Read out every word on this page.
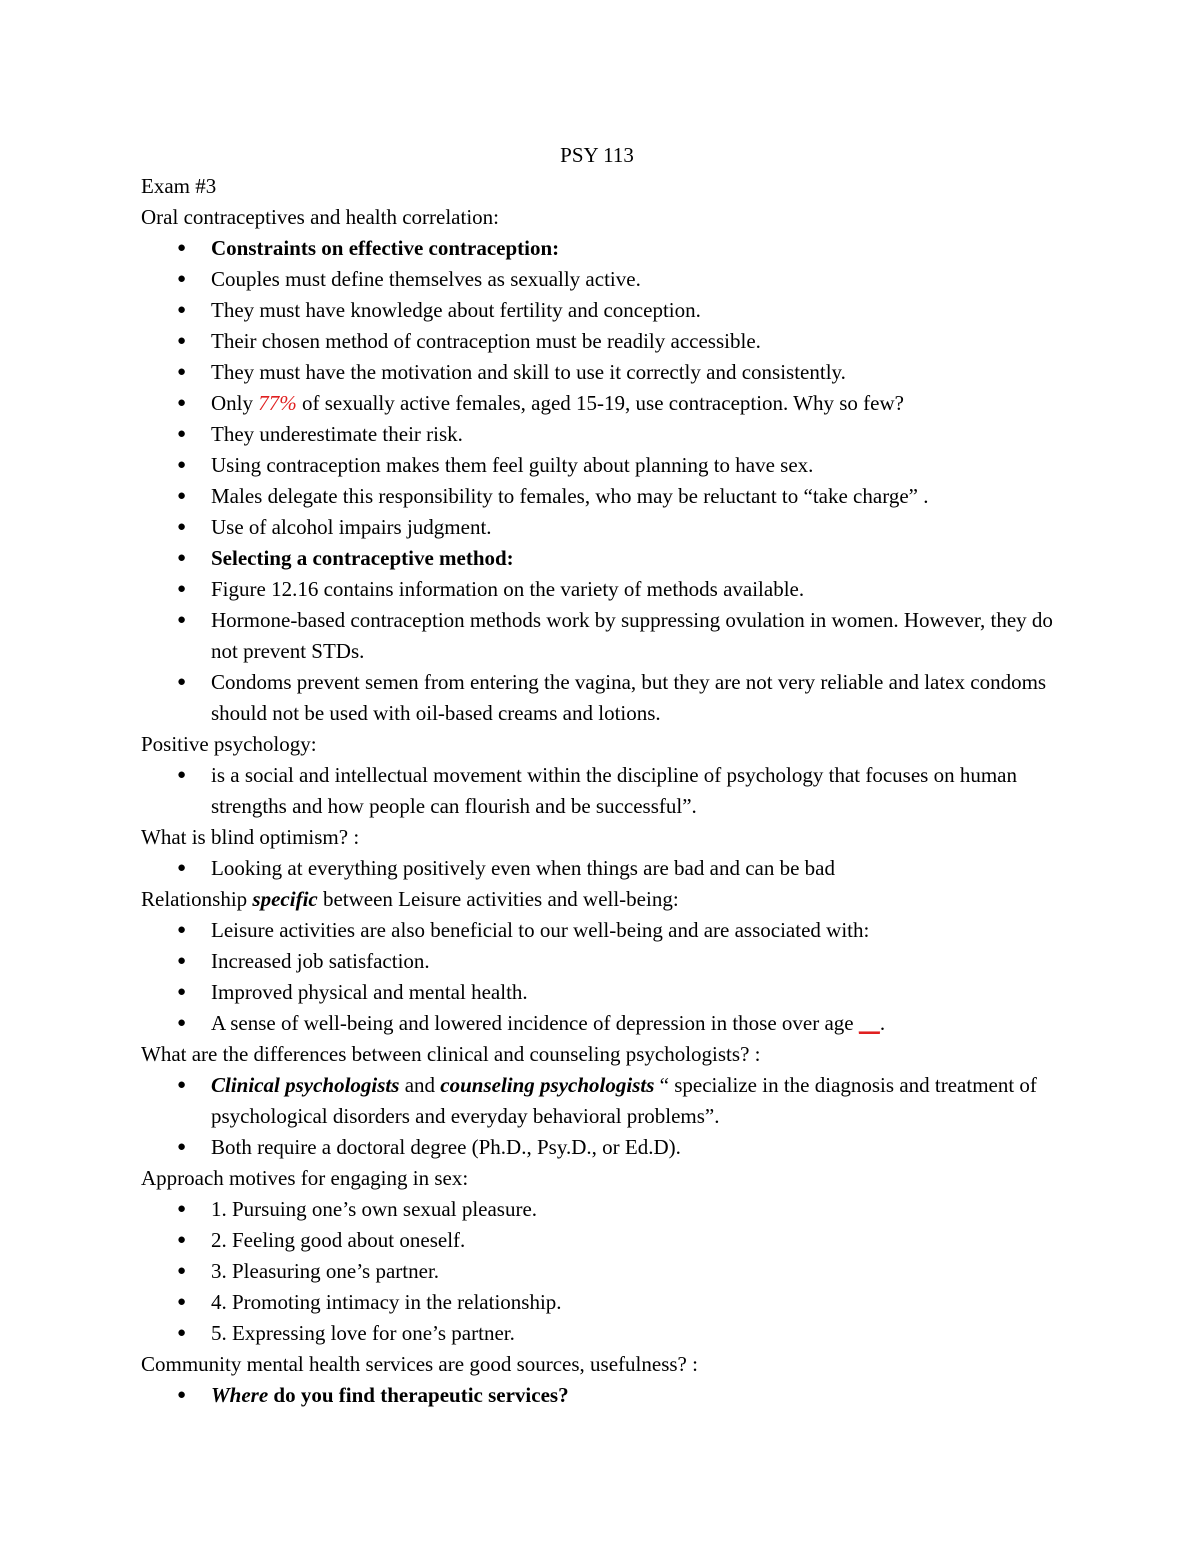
PSY 113

Exam #3

Oral contraceptives and health correlation:

● Constraints on effective contraception:
● Couples must define themselves as sexually active.
● They must have knowledge about fertility and conception.
● Their chosen method of contraception must be readily accessible.
● They must have the motivation and skill to use it correctly and consistently.
● Only 77% of sexually active females, aged 15-19, use contraception. Why so few?
● They underestimate their risk.
● Using contraception makes them feel guilty about planning to have sex.
● Males delegate this responsibility to females, who may be reluctant to “take charge” .
● Use of alcohol impairs judgment.
● Selecting a contraceptive method:
● Figure 12.16 contains information on the variety of methods available.
● Hormone-based contraception methods work by suppressing ovulation in women. However, they do not prevent STDs.
● Condoms prevent semen from entering the vagina, but they are not very reliable and latex condoms should not be used with oil-based creams and lotions.

Positive psychology:

● is a social and intellectual movement within the discipline of psychology that focuses on human strengths and how people can flourish and be successful”.

What is blind optimism? :

● Looking at everything positively even when things are bad and can be bad

Relationship specific between Leisure activities and well-being:

● Leisure activities are also beneficial to our well-being and are associated with:
● Increased job satisfaction.
● Improved physical and mental health.
● A sense of well-being and lowered incidence of depression in those over age __.

What are the differences between clinical and counseling psychologists? :

● Clinical psychologists and counseling psychologists “ specialize in the diagnosis and treatment of psychological disorders and everyday behavioral problems”.
● Both require a doctoral degree (Ph.D., Psy.D., or Ed.D).

Approach motives for engaging in sex:

● 1. Pursuing one’s own sexual pleasure.
● 2. Feeling good about oneself.
● 3. Pleasuring one’s partner.
● 4. Promoting intimacy in the relationship.
● 5. Expressing love for one’s partner.

Community mental health services are good sources, usefulness? :

● Where do you find therapeutic services?
